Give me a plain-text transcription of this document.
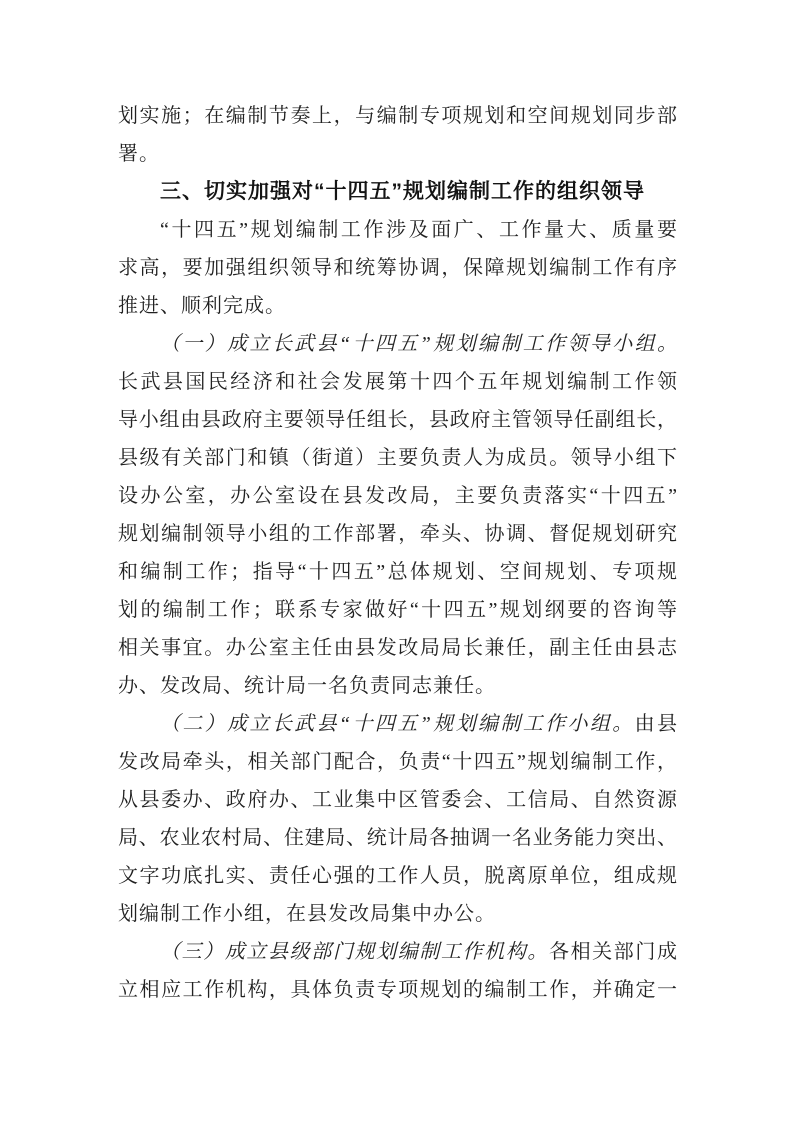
划实施；在编制节奏上，与编制专项规划和空间规划同步部
署。
三、切实加强对“十四五”规划编制工作的组织领导
“十四五”规划编制工作涉及面广、工作量大、质量要
求高，要加强组织领导和统筹协调，保障规划编制工作有序
推进、顺利完成。
（一）成立长武县“十四五”规划编制工作领导小组。
长武县国民经济和社会发展第十四个五年规划编制工作领
导小组由县政府主要领导任组长，县政府主管领导任副组长，
县级有关部门和镇（街道）主要负责人为成员。领导小组下
设办公室，办公室设在县发改局，主要负责落实“十四五”
规划编制领导小组的工作部署，牵头、协调、督促规划研究
和编制工作；指导“十四五”总体规划、空间规划、专项规
划的编制工作；联系专家做好“十四五”规划纲要的咨询等
相关事宜。办公室主任由县发改局局长兼任，副主任由县志
办、发改局、统计局一名负责同志兼任。
（二）成立长武县“十四五”规划编制工作小组。由县
发改局牵头，相关部门配合，负责“十四五”规划编制工作，
从县委办、政府办、工业集中区管委会、工信局、自然资源
局、农业农村局、住建局、统计局各抽调一名业务能力突出、
文字功底扎实、责任心强的工作人员，脱离原单位，组成规
划编制工作小组，在县发改局集中办公。
（三）成立县级部门规划编制工作机构。各相关部门成
立相应工作机构，具体负责专项规划的编制工作，并确定一
